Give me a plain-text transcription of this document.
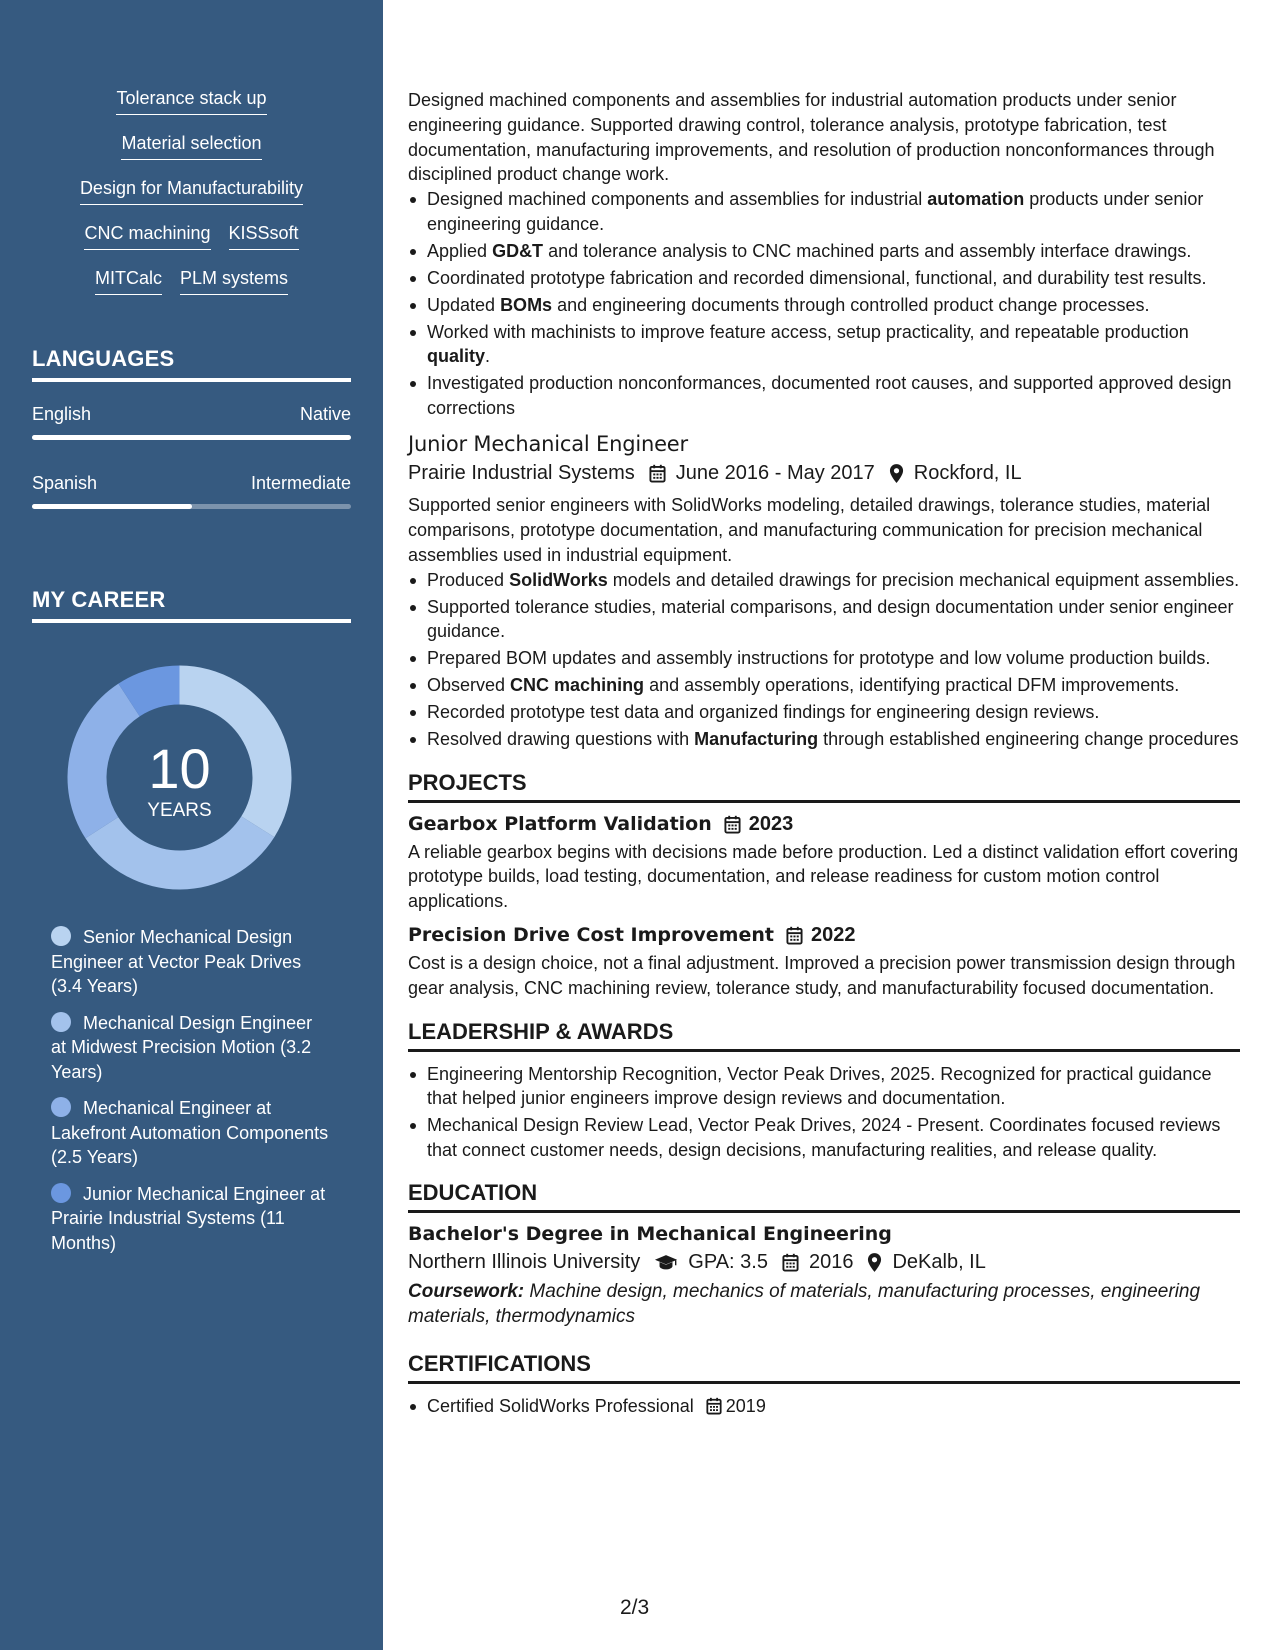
Tolerance stack up
Material selection
Design for Manufacturability
CNC machining KISSsoft
MITCalc PLM systems
LANGUAGES
English	Native
Spanish	Intermediate
MY CAREER
10
YEARS
Senior Mechanical Design Engineer at Vector Peak Drives (3.4 Years)
Mechanical Design Engineer at Midwest Precision Motion (3.2 Years)
Mechanical Engineer at Lakefront Automation Components (2.5 Years)
Junior Mechanical Engineer at Prairie Industrial Systems (11 Months)

Designed machined components and assemblies for industrial automation products under senior engineering guidance. Supported drawing control, tolerance analysis, prototype fabrication, test documentation, manufacturing improvements, and resolution of production nonconformances through disciplined product change work.

Designed machined components and assemblies for industrial automation products under senior engineering guidance.
Applied GD&T and tolerance analysis to CNC machined parts and assembly interface drawings.
Coordinated prototype fabrication and recorded dimensional, functional, and durability test results.
Updated BOMs and engineering documents through controlled product change processes.
Worked with machinists to improve feature access, setup practicality, and repeatable production quality.
Investigated production nonconformances, documented root causes, and supported approved design corrections
Junior Mechanical Engineer
Prairie Industrial Systems June 2016 - May 2017 Rockford, IL

Supported senior engineers with SolidWorks modeling, detailed drawings, tolerance studies, material comparisons, prototype documentation, and manufacturing communication for precision mechanical assemblies used in industrial equipment.

Produced SolidWorks models and detailed drawings for precision mechanical equipment assemblies.
Supported tolerance studies, material comparisons, and design documentation under senior engineer guidance.
Prepared BOM updates and assembly instructions for prototype and low volume production builds.
Observed CNC machining and assembly operations, identifying practical DFM improvements.
Recorded prototype test data and organized findings for engineering design reviews.
Resolved drawing questions with Manufacturing through established engineering change procedures
PROJECTS
Gearbox Platform Validation 2023

A reliable gearbox begins with decisions made before production. Led a distinct validation effort covering prototype builds, load testing, documentation, and release readiness for custom motion control applications.

Precision Drive Cost Improvement 2022

Cost is a design choice, not a final adjustment. Improved a precision power transmission design through gear analysis, CNC machining review, tolerance study, and manufacturability focused documentation.

LEADERSHIP & AWARDS
Engineering Mentorship Recognition, Vector Peak Drives, 2025. Recognized for practical guidance that helped junior engineers improve design reviews and documentation.
Mechanical Design Review Lead, Vector Peak Drives, 2024 - Present. Coordinates focused reviews that connect customer needs, design decisions, manufacturing realities, and release quality.
EDUCATION
Bachelor's Degree in Mechanical Engineering
Northern Illinois University GPA: 3.5 2016 DeKalb, IL

Coursework: Machine design, mechanics of materials, manufacturing processes, engineering materials, thermodynamics

CERTIFICATIONS
Certified SolidWorks Professional 2019
2/3
